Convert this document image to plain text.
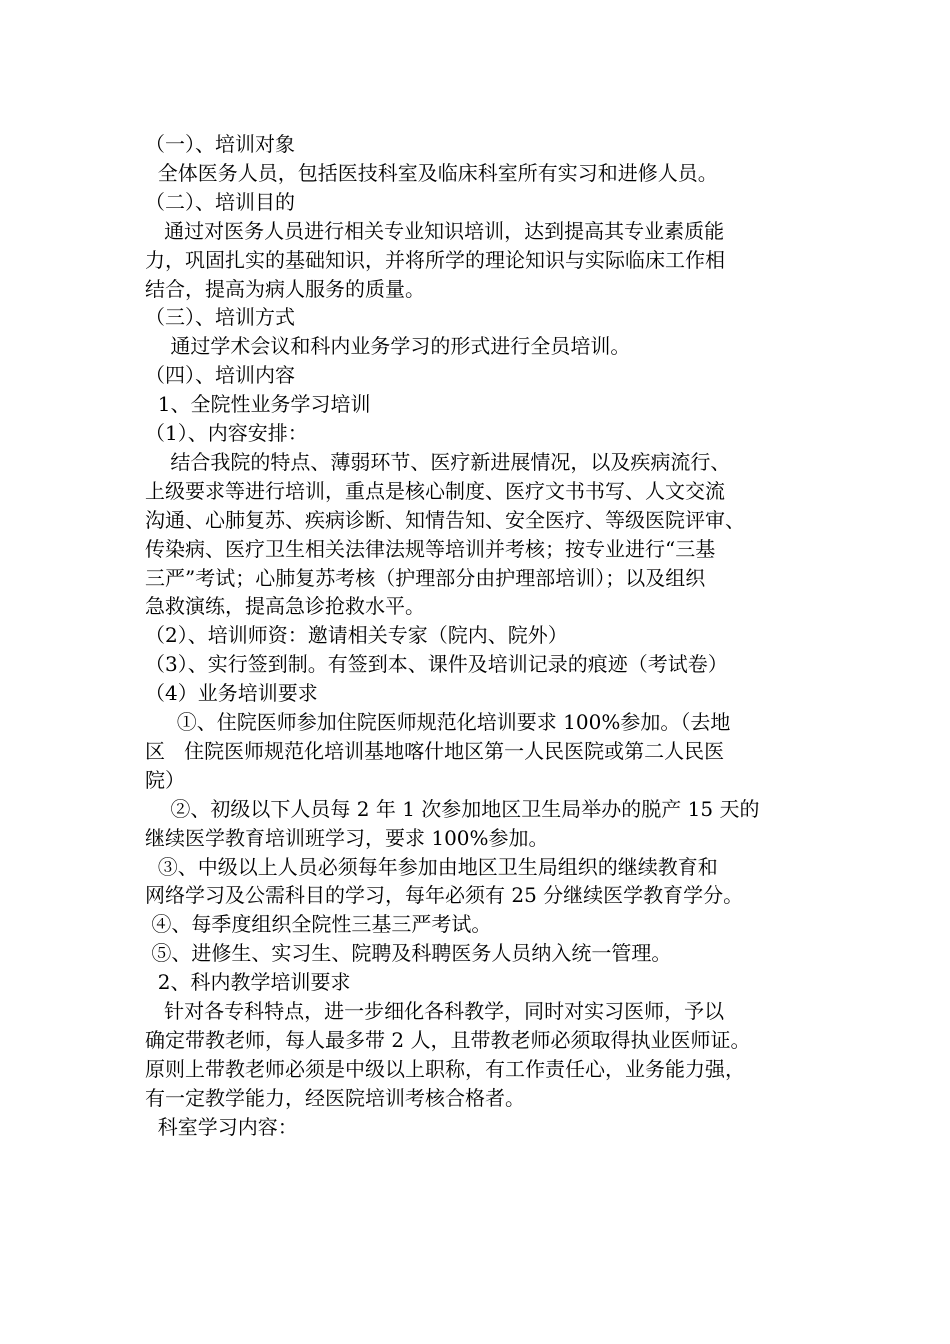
（一）、培训对象
全体医务人员，包括医技科室及临床科室所有实习和进修人员。
（二）、培训目的
通过对医务人员进行相关专业知识培训，达到提高其专业素质能
力，巩固扎实的基础知识，并将所学的理论知识与实际临床工作相
结合，提高为病人服务的质量。
（三）、培训方式
通过学术会议和科内业务学习的形式进行全员培训。
（四）、培训内容
1、全院性业务学习培训
（1）、内容安排：
结合我院的特点、薄弱环节、医疗新进展情况，以及疾病流行、
上级要求等进行培训，重点是核心制度、医疗文书书写、人文交流
沟通、心肺复苏、疾病诊断、知情告知、安全医疗、等级医院评审、
传染病、医疗卫生相关法律法规等培训并考核；按专业进行“三基
三严”考试；心肺复苏考核（护理部分由护理部培训）；以及组织
急救演练，提高急诊抢救水平。
（2）、培训师资：邀请相关专家（院内、院外）
（3）、实行签到制。有签到本、课件及培训记录的痕迹（考试卷）
（4）业务培训要求
①、住院医师参加住院医师规范化培训要求 100%参加。（去地
区   住院医师规范化培训基地喀什地区第一人民医院或第二人民医
院）
②、初级以下人员每 2 年 1 次参加地区卫生局举办的脱产 15 天的
继续医学教育培训班学习，要求 100%参加。
③、中级以上人员必须每年参加由地区卫生局组织的继续教育和
网络学习及公需科目的学习，每年必须有 25 分继续医学教育学分。
④、每季度组织全院性三基三严考试。
⑤、进修生、实习生、院聘及科聘医务人员纳入统一管理。
2、科内教学培训要求
针对各专科特点，进一步细化各科教学，同时对实习医师，予以
确定带教老师，每人最多带 2 人，且带教老师必须取得执业医师证。
原则上带教老师必须是中级以上职称，有工作责任心，业务能力强，
有一定教学能力，经医院培训考核合格者。
科室学习内容：
